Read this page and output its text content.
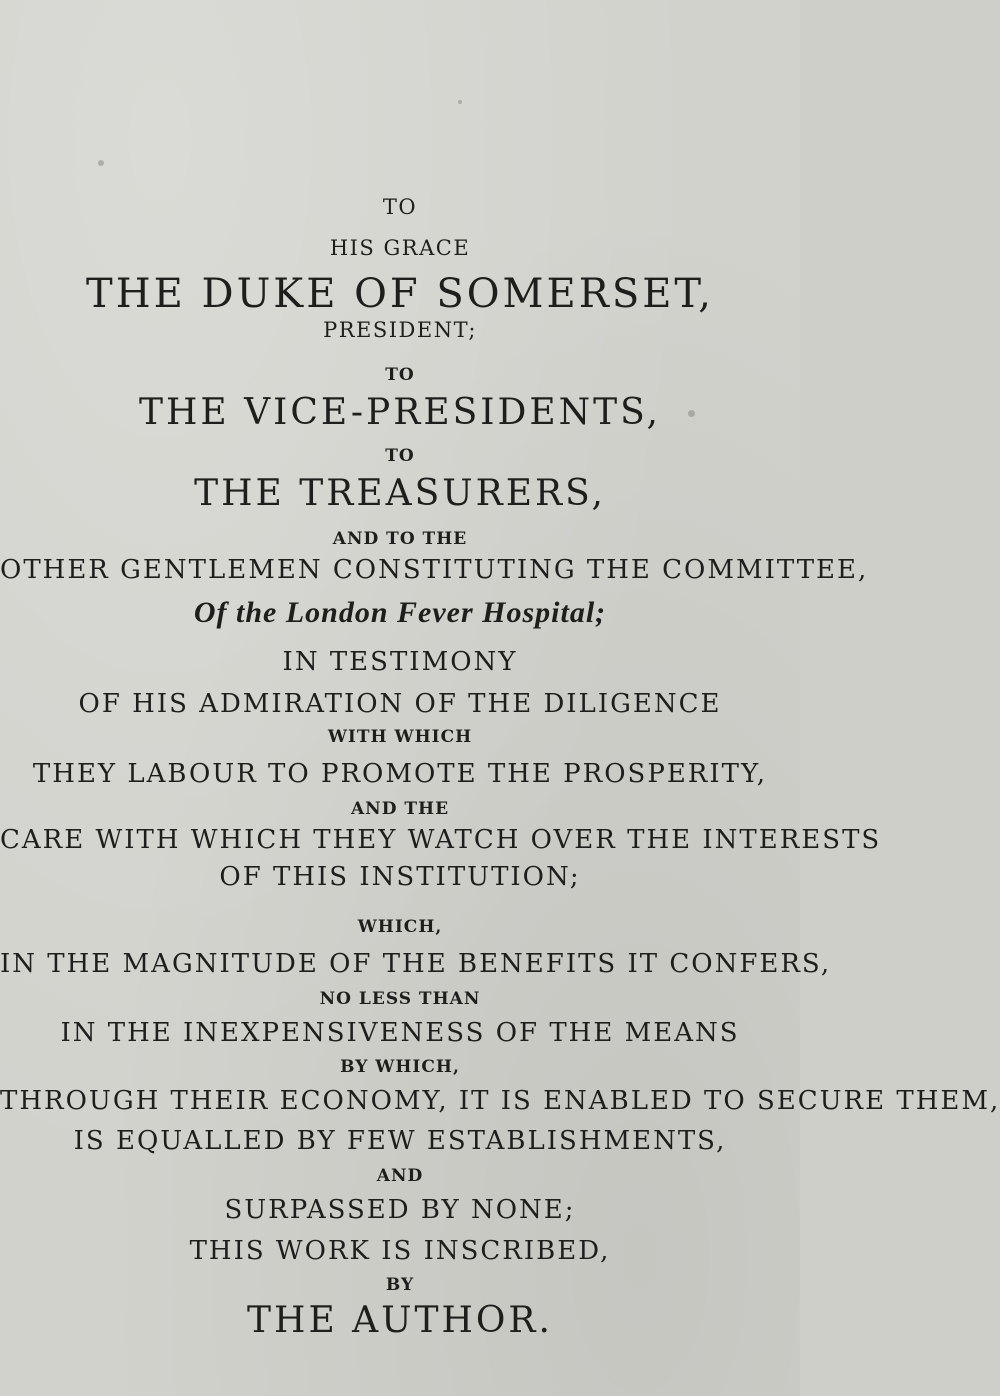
TO
HIS GRACE
THE DUKE OF SOMERSET,
PRESIDENT;
TO
THE VICE-PRESIDENTS,
TO
THE TREASURERS,
AND TO THE
OTHER GENTLEMEN CONSTITUTING THE COMMITTEE,
Of the London Fever Hospital;
IN TESTIMONY
OF HIS ADMIRATION OF THE DILIGENCE
WITH WHICH
THEY LABOUR TO PROMOTE THE PROSPERITY,
AND THE
CARE WITH WHICH THEY WATCH OVER THE INTERESTS
OF THIS INSTITUTION;
WHICH,
IN THE MAGNITUDE OF THE BENEFITS IT CONFERS,
NO LESS THAN
IN THE INEXPENSIVENESS OF THE MEANS
BY WHICH,
THROUGH THEIR ECONOMY, IT IS ENABLED TO SECURE THEM,
IS EQUALLED BY FEW ESTABLISHMENTS,
AND
SURPASSED BY NONE;
THIS WORK IS INSCRIBED,
BY
THE AUTHOR.
